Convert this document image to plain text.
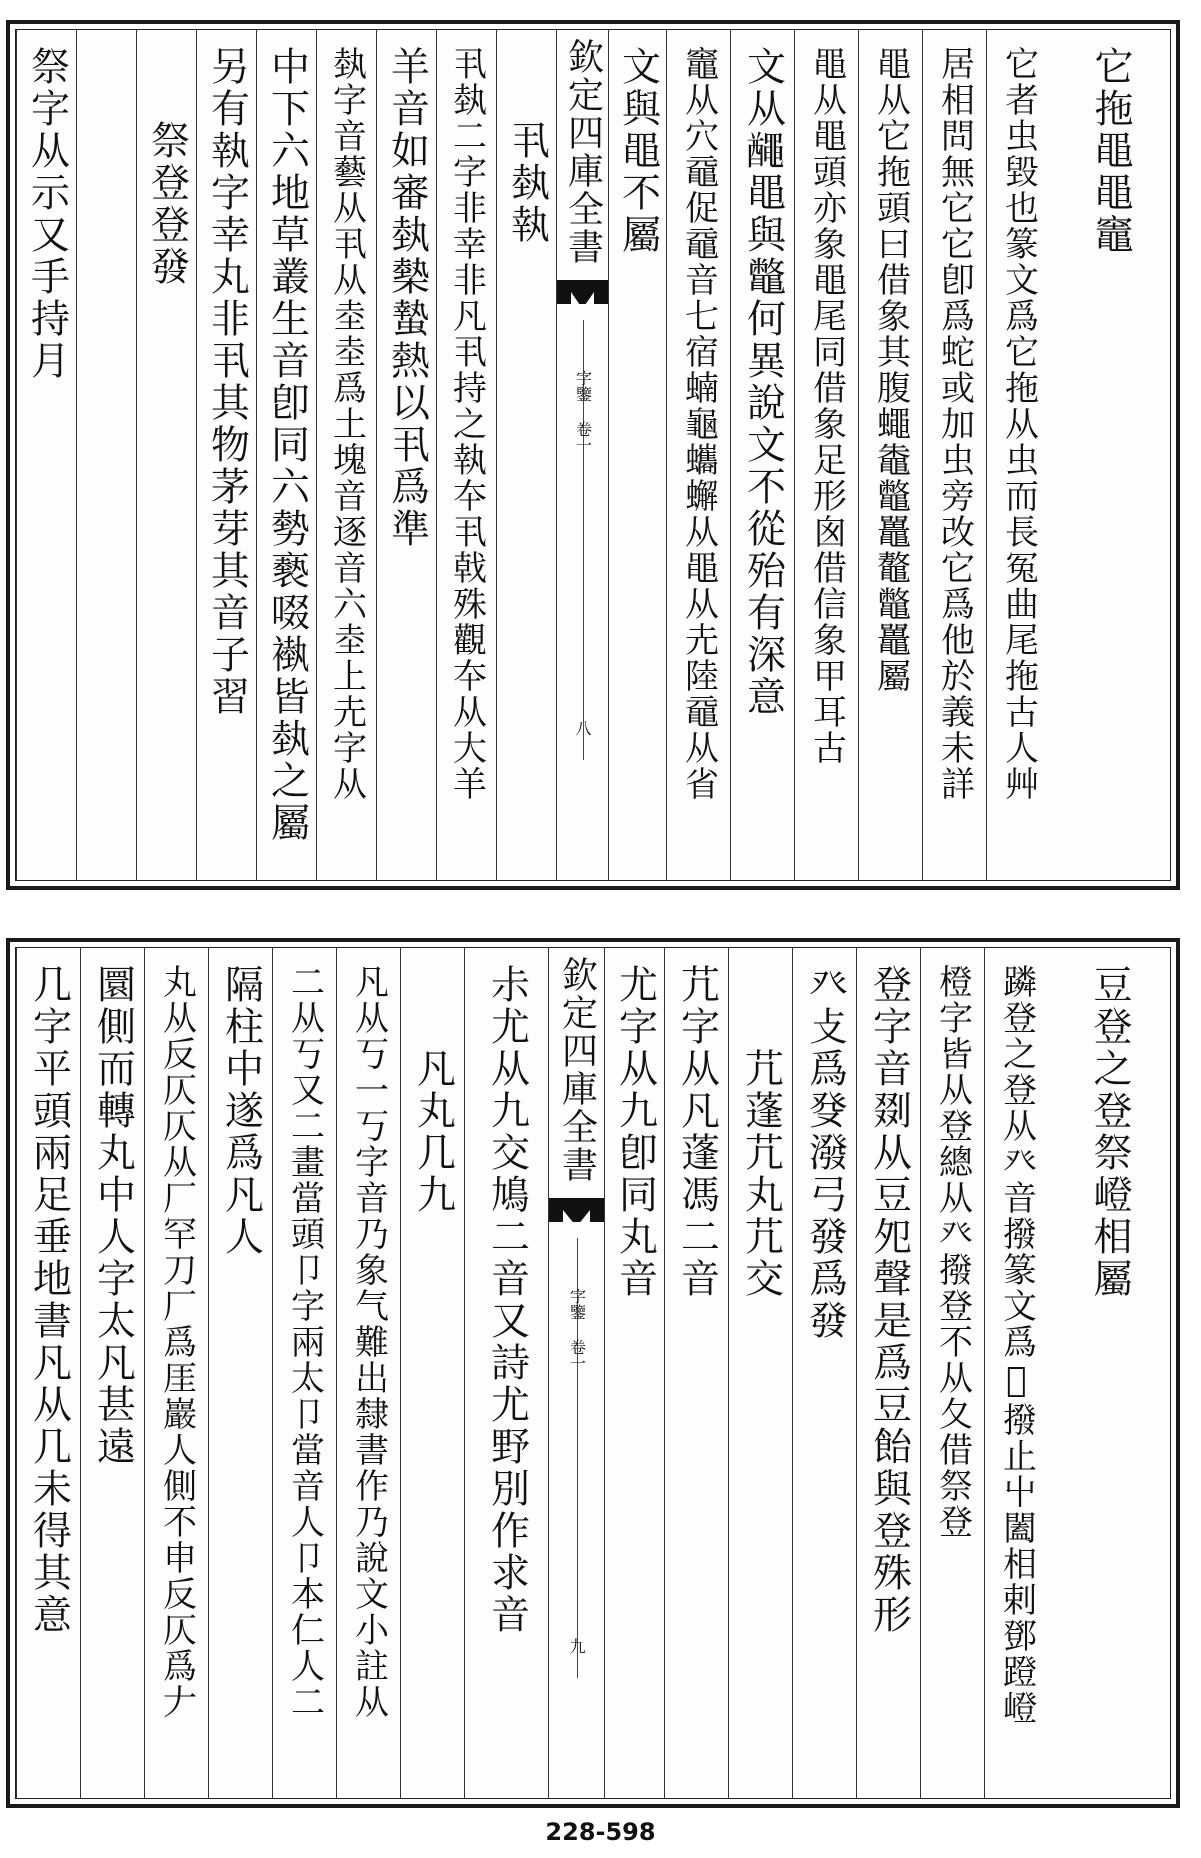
祭字从示又手持月 祭登登發 另有執字幸丸非丮其物茅芽其音子習 中下六地草叢生音卽同六勢褻啜褹皆埶之屬 埶字音藝从丮从坴坴爲土塊音逐音六坴上圥字从 羊音如審埶槷蟄熱以丮爲準 丮埶二字非幸非凡丮持之執夲丮戟殊觀夲从大羊 丮埶執 欽定四庫全書
字鑒 卷一
八
文與黽不屬 竈从穴黿促黿音七宿蝻龜蠵蠏从黽从圥陸黿从省 文从𪓰黽與鼈何異說文不從殆有深意 黽从黽頭亦象黽尾同借象足形囪借信象甲耳古 黽从它拖頭曰借象其腹蠅鼄鼈鼉鼇鼈鼉屬 居相問無它它卽爲蛇或加虫旁改它爲他於義未詳 它者虫毀也篆文爲它拖从虫而長冤曲尾拖古人艸 它拖黽黽竈
几字平頭兩足垂地書凡从几未得其意 圜側而轉丸中人字太凡甚遠 丸从反仄仄从厂罕刀厂爲厓巖人側不申反仄爲𠂇 隔柱中遂爲凡人 二从丂又二畫當頭卩字兩太卩當音人卩本仁人二 凡从丂一丂字音乃象气難出隸書作乃說文小註从 凡丸几九 尗尤从九交鳩二音又詩尤野別作求音 欽定四庫全書
字鑒 卷一
九
尤字从九卽同丸音 芁字从凡蓬馮二音 芁蓬芁丸芁交 癶攴爲癹潑弓發爲發 登字音剟从豆夗聲是爲豆飴與登殊形 橙字皆从登總从癶撥登不从夂借祭登 蹸登之登从癶音撥篆文爲𣥠撥止屮闔相剌鄧蹬嶝 豆登之登祭嶝相屬
228-598
